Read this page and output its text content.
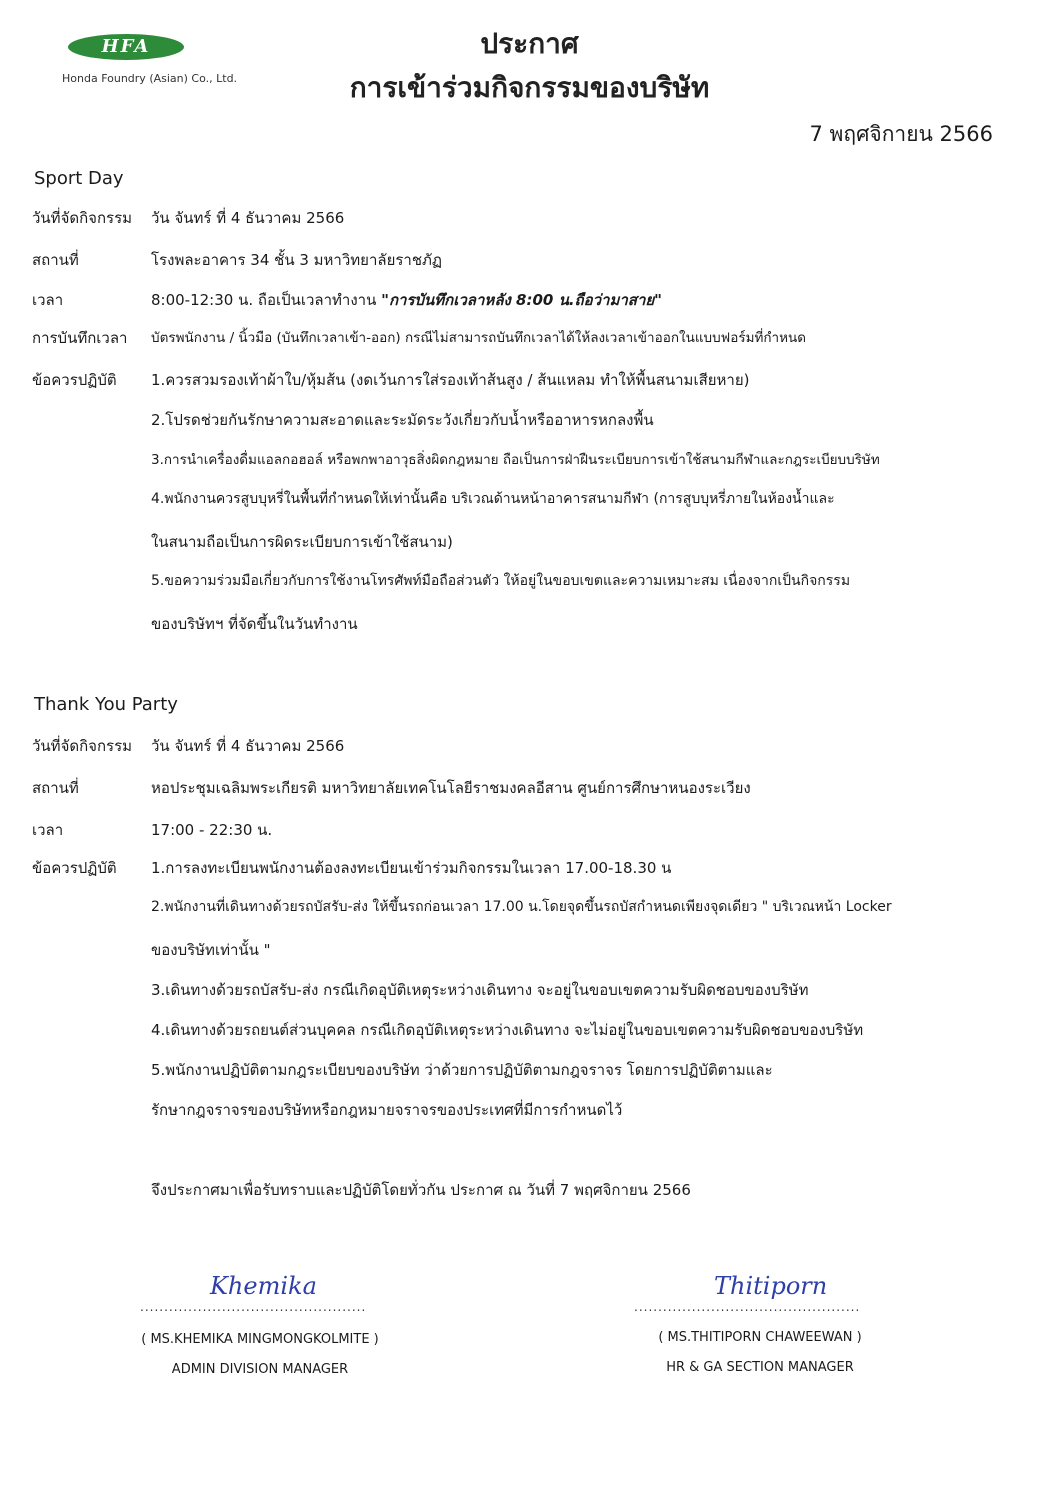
HFA
Honda Foundry (Asian) Co., Ltd.
ประกาศ
การเข้าร่วมกิจกรรมของบริษัท
7 พฤศจิกายน 2566
Sport Day
วันที่จัดกิจกรรม วัน จันทร์ ที่ 4 ธันวาคม 2566
สถานที่	โรงพละอาคาร 34 ชั้น 3 มหาวิทยาลัยราชภัฏ
เวลา	8:00-12:30 น. ถือเป็นเวลาทำงาน "การบันทึกเวลาหลัง 8:00 น.ถือว่ามาสาย"
การบันทึกเวลา บัตรพนักงาน / นิ้วมือ (บันทึกเวลาเข้า-ออก) กรณีไม่สามารถบันทึกเวลาได้ให้ลงเวลาเข้าออกในแบบฟอร์มที่กำหนด
ข้อควรปฏิบัติ 1.ควรสวมรองเท้าผ้าใบ/หุ้มส้น (งดเว้นการใส่รองเท้าส้นสูง / ส้นแหลม ทำให้พื้นสนามเสียหาย)
2.โปรดช่วยกันรักษาความสะอาดและระมัดระวังเกี่ยวกับน้ำหรืออาหารหกลงพื้น
3.การนำเครื่องดื่มแอลกอฮอล์ หรือพกพาอาวุธสิ่งผิดกฎหมาย ถือเป็นการฝ่าฝืนระเบียบการเข้าใช้สนามกีฬาและกฎระเบียบบริษัท
4.พนักงานควรสูบบุหรี่ในพื้นที่กำหนดให้เท่านั้นคือ บริเวณด้านหน้าอาคารสนามกีฬา (การสูบบุหรี่ภายในห้องน้ำและ
ในสนามถือเป็นการผิดระเบียบการเข้าใช้สนาม)
5.ขอความร่วมมือเกี่ยวกับการใช้งานโทรศัพท์มือถือส่วนตัว ให้อยู่ในขอบเขตและความเหมาะสม เนื่องจากเป็นกิจกรรม
ของบริษัทฯ ที่จัดขึ้นในวันทำงาน
Thank You Party
วันที่จัดกิจกรรม วัน จันทร์ ที่ 4 ธันวาคม 2566
สถานที่	หอประชุมเฉลิมพระเกียรติ มหาวิทยาลัยเทคโนโลยีราชมงคลอีสาน ศูนย์การศึกษาหนองระเวียง
เวลา	17:00 - 22:30 น.
ข้อควรปฏิบัติ 1.การลงทะเบียนพนักงานต้องลงทะเบียนเข้าร่วมกิจกรรมในเวลา 17.00-18.30 น
2.พนักงานที่เดินทางด้วยรถบัสรับ-ส่ง ให้ขึ้นรถก่อนเวลา 17.00 น.โดยจุดขึ้นรถบัสกำหนดเพียงจุดเดียว " บริเวณหน้า Locker
ของบริษัทเท่านั้น "
3.เดินทางด้วยรถบัสรับ-ส่ง กรณีเกิดอุบัติเหตุระหว่างเดินทาง จะอยู่ในขอบเขตความรับผิดชอบของบริษัท
4.เดินทางด้วยรถยนต์ส่วนบุคคล กรณีเกิดอุบัติเหตุระหว่างเดินทาง จะไม่อยู่ในขอบเขตความรับผิดชอบของบริษัท
5.พนักงานปฏิบัติตามกฎระเบียบของบริษัท ว่าด้วยการปฏิบัติตามกฎจราจร โดยการปฏิบัติตามและ
รักษากฎจราจรของบริษัทหรือกฎหมายจราจรของประเทศที่มีการกำหนดไว้
จึงประกาศมาเพื่อรับทราบและปฏิบัติโดยทั่วกัน ประกาศ ณ วันที่ 7 พฤศจิกายน 2566
Khemika
...............................................
( MS.KHEMIKA MINGMONGKOLMITE )
ADMIN DIVISION MANAGER
Thitiporn
...............................................
( MS.THITIPORN CHAWEEWAN )
HR & GA SECTION MANAGER
